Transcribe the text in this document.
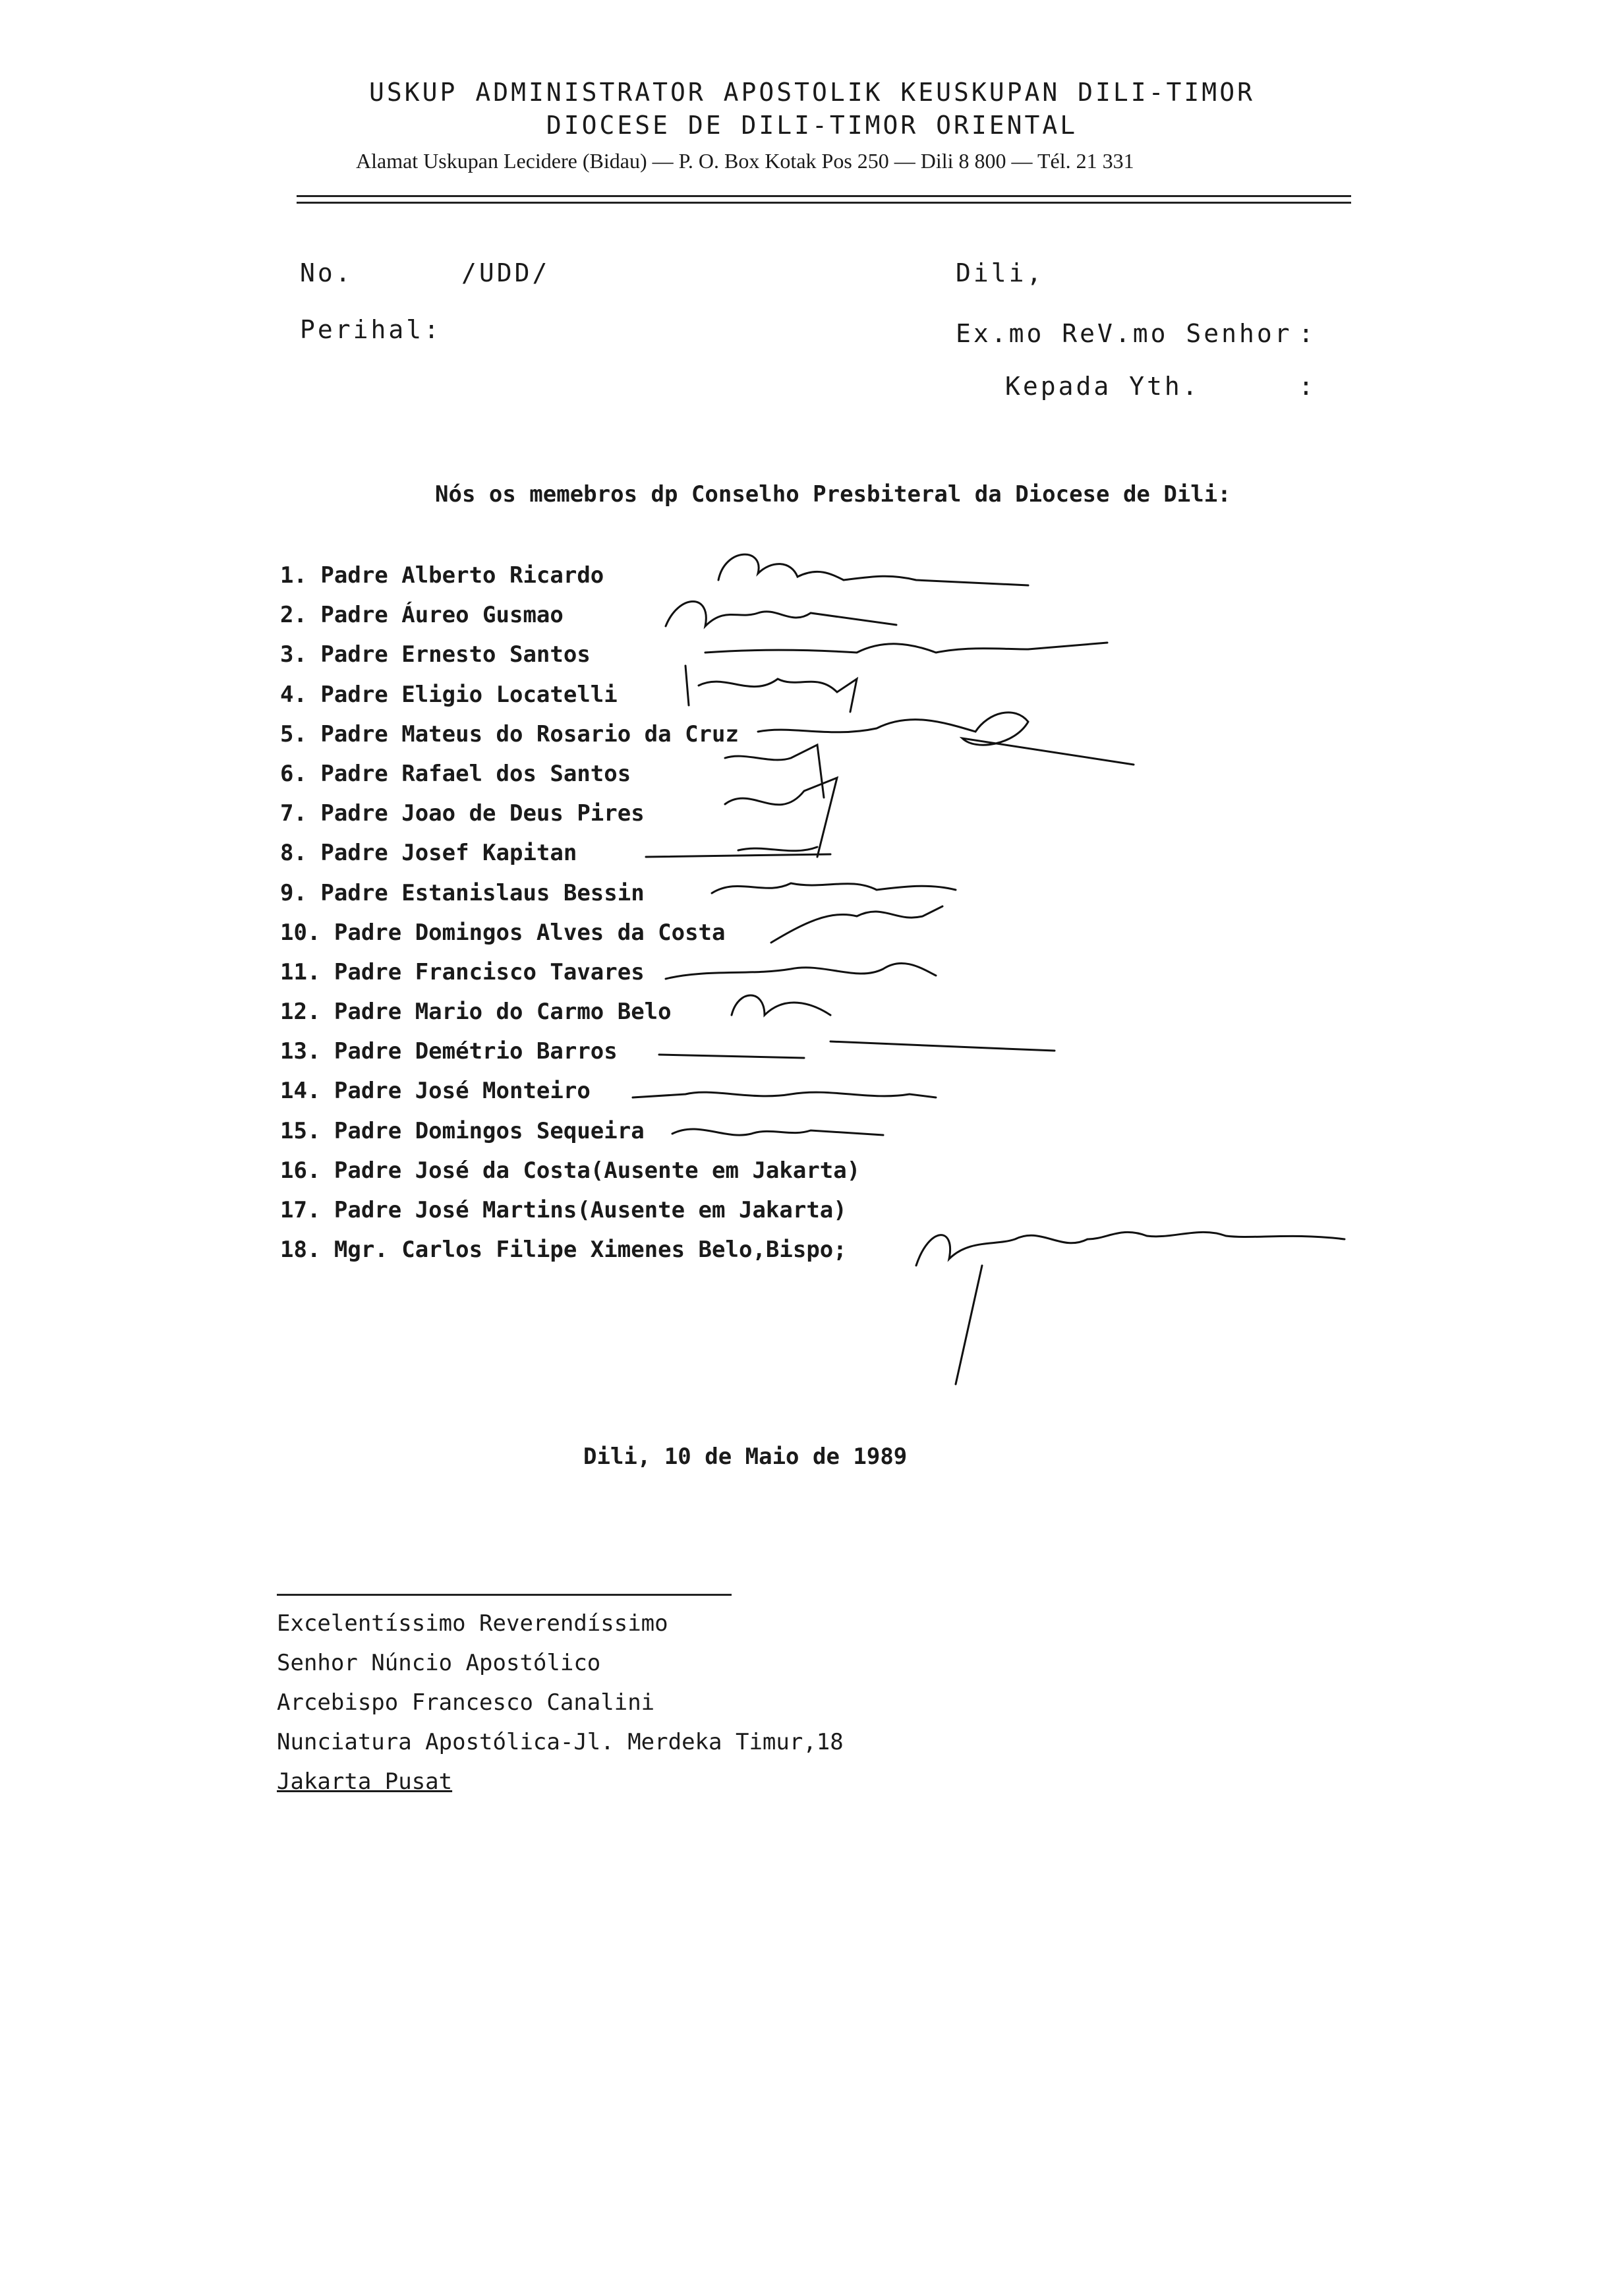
USKUP ADMINISTRATOR APOSTOLIK KEUSKUPAN DILI-TIMOR
DIOCESE DE DILI-TIMOR ORIENTAL
Alamat Uskupan Lecidere (Bidau) — P. O. Box Kotak Pos 250 — Dili 8 800 — Tél. 21 331
No.	/UDD/
Perihal:
Dili,
Ex.mo ReV.mo Senhor :
Kepada Yth.	:
Nós os memebros dp Conselho Presbiteral da Diocese de Dili:
1. Padre Alberto Ricardo
2. Padre Áureo Gusmao
3. Padre Ernesto Santos
4. Padre Eligio Locatelli
5. Padre Mateus do Rosario da Cruz
6. Padre Rafael dos Santos
7. Padre Joao de Deus Pires
8. Padre Josef Kapitan
9. Padre Estanislaus Bessin
10. Padre Domingos Alves da Costa
11. Padre Francisco Tavares
12. Padre Mario do Carmo Belo
13. Padre Demétrio Barros
14. Padre José Monteiro
15. Padre Domingos Sequeira
16. Padre José da Costa(Ausente em Jakarta)
17. Padre José Martins(Ausente em Jakarta)
18. Mgr. Carlos Filipe Ximenes Belo,Bispo;
Dili, 10 de Maio de 1989
Excelentíssimo Reverendíssimo
Senhor Núncio Apostólico
Arcebispo Francesco Canalini
Nunciatura Apostólica-Jl. Merdeka Timur,18
Jakarta Pusat
